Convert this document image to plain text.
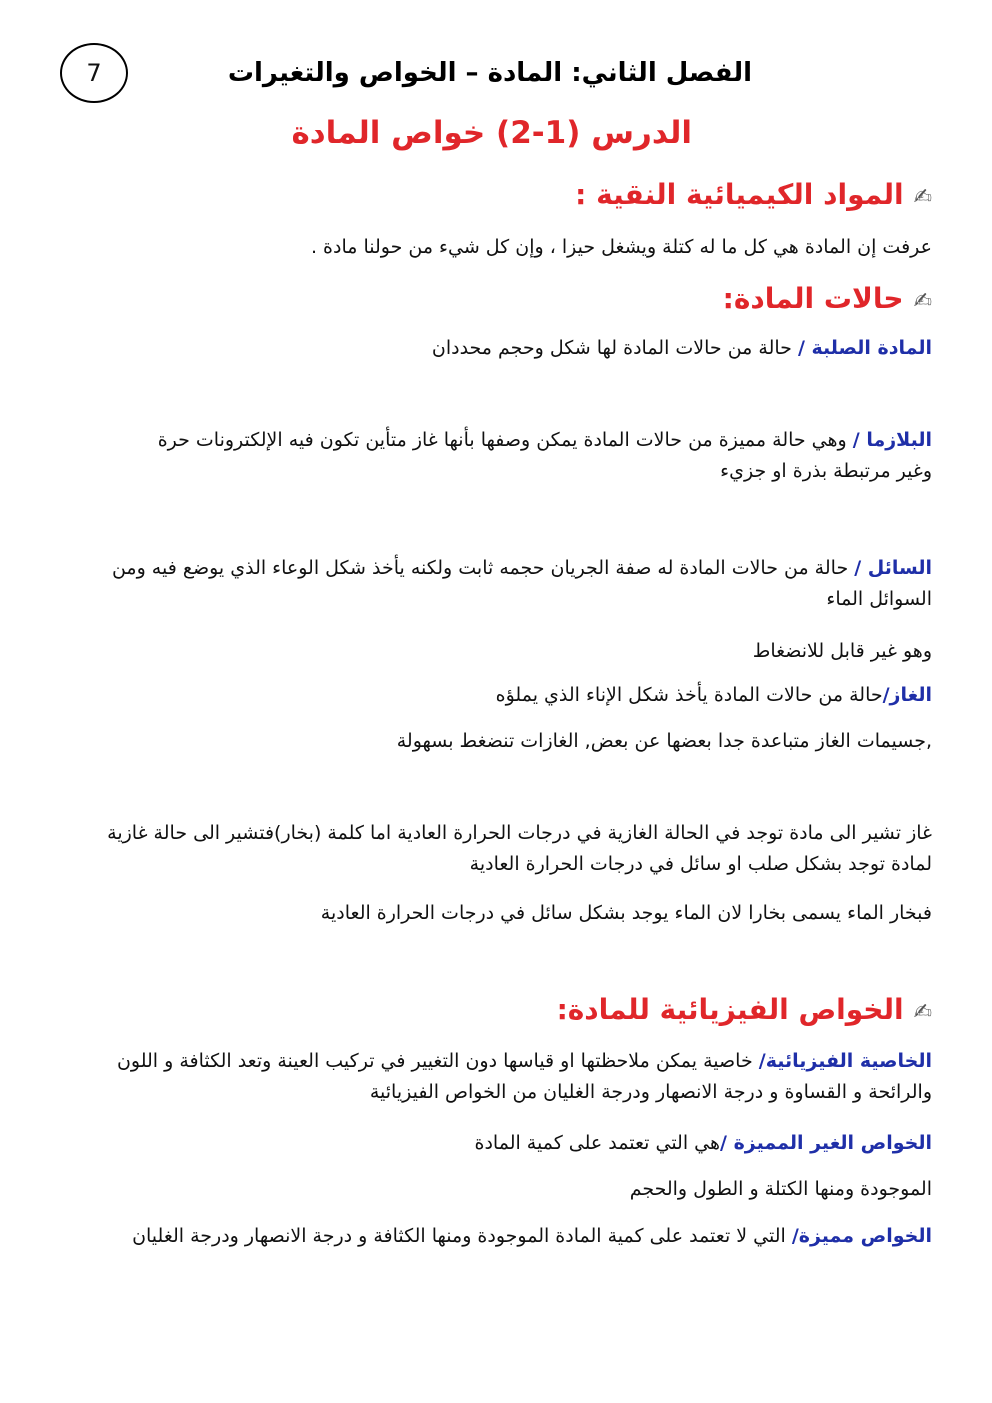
7	الفصل الثاني: المادة – الخواص والتغيرات
الدرس (1-2) خواص المادة
✍المواد الكيميائية النقية :
عرفت إن المادة هي كل ما له كتلة ويشغل حيزا ، وإن كل شيء من حولنا مادة .
✍حالات المادة:
المادة الصلبة / حالة من حالات المادة لها شكل وحجم محددان
البلازما / وهي حالة مميزة من حالات المادة يمكن وصفها بأنها غاز متأين تكون فيه الإلكترونات حرة وغير مرتبطة بذرة او جزيء
السائل / حالة من حالات المادة له صفة الجريان حجمه ثابت ولكنه يأخذ شكل الوعاء الذي يوضع فيه ومن السوائل الماء
وهو غير قابل للانضغاط
الغاز/حالة من حالات المادة يأخذ شكل الإناء الذي يملؤه
,جسيمات الغاز متباعدة جدا بعضها عن بعض, الغازات تنضغط بسهولة
غاز تشير الى مادة توجد في الحالة الغازية في درجات الحرارة العادية اما كلمة (بخار)فتشير الى حالة غازية لمادة توجد بشكل صلب او سائل في درجات الحرارة العادية
فبخار الماء يسمى بخارا لان الماء يوجد بشكل سائل في درجات الحرارة العادية
✍الخواص الفيزيائية للمادة:
الخاصية الفيزيائية/ خاصية يمكن ملاحظتها او قياسها دون التغيير في تركيب العينة وتعد الكثافة و اللون والرائحة و القساوة و درجة الانصهار ودرجة الغليان من الخواص الفيزيائية
الخواص الغير المميزة /هي التي تعتمد على كمية المادة
الموجودة ومنها الكتلة و الطول والحجم
الخواص مميزة/ التي لا تعتمد على كمية المادة الموجودة ومنها الكثافة و درجة الانصهار ودرجة الغليان
